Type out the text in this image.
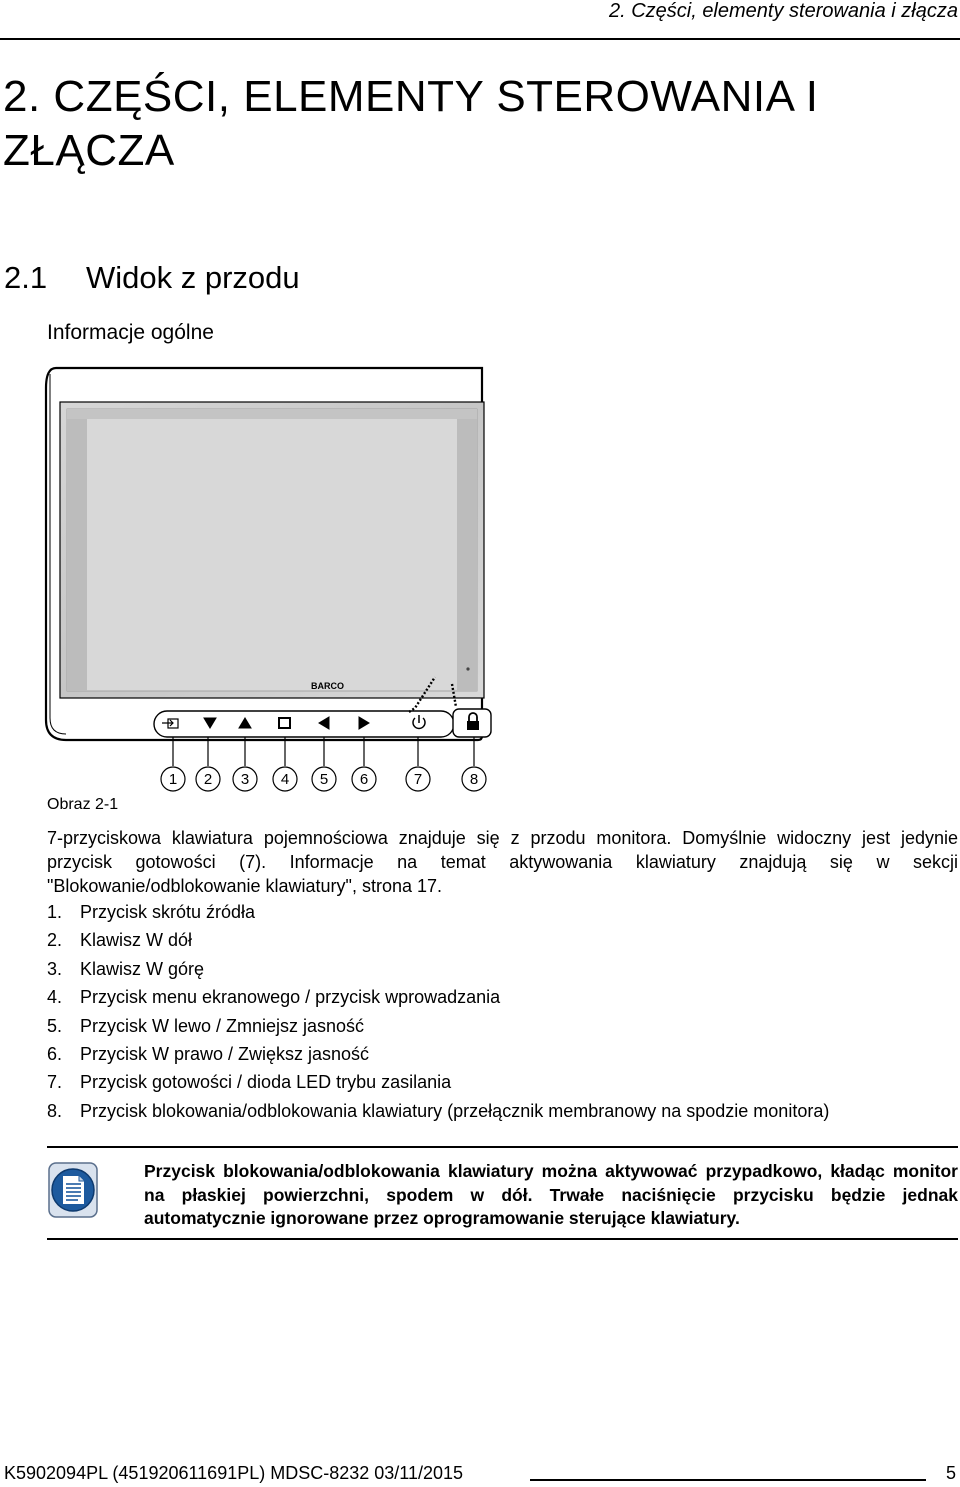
2. Części, elementy sterowania i złącza
2. CZĘŚCI, ELEMENTY STEROWANIA I ZŁĄCZA
2.1 Widok z przodu
Informacje ogólne
BARCO
1 2 3 4 5 6	7	8
Obraz 2-1
7-przyciskowa klawiatura pojemnościowa znajduje się z przodu monitora. Domyślnie widoczny jest jedynie przycisk gotowości (7). Informacje na temat aktywowania klawiatury znajdują się w sekcji "Blokowanie/odblokowanie klawiatury", strona 17.
1. Przycisk skrótu źródła
2. Klawisz W dół
3. Klawisz W górę
4. Przycisk menu ekranowego / przycisk wprowadzania
5. Przycisk W lewo / Zmniejsz jasność
6. Przycisk W prawo / Zwiększ jasność
7. Przycisk gotowości / dioda LED trybu zasilania
8. Przycisk blokowania/odblokowania klawiatury (przełącznik membranowy na spodzie monitora)
Przycisk blokowania/odblokowania klawiatury można aktywować przypadkowo, kładąc monitor na płaskiej powierzchni, spodem w dół. Trwałe naciśnięcie przycisku będzie jednak automatycznie ignorowane przez oprogramowanie sterujące klawiatury.
K5902094PL (451920611691PL) MDSC-8232 03/11/2015	5
